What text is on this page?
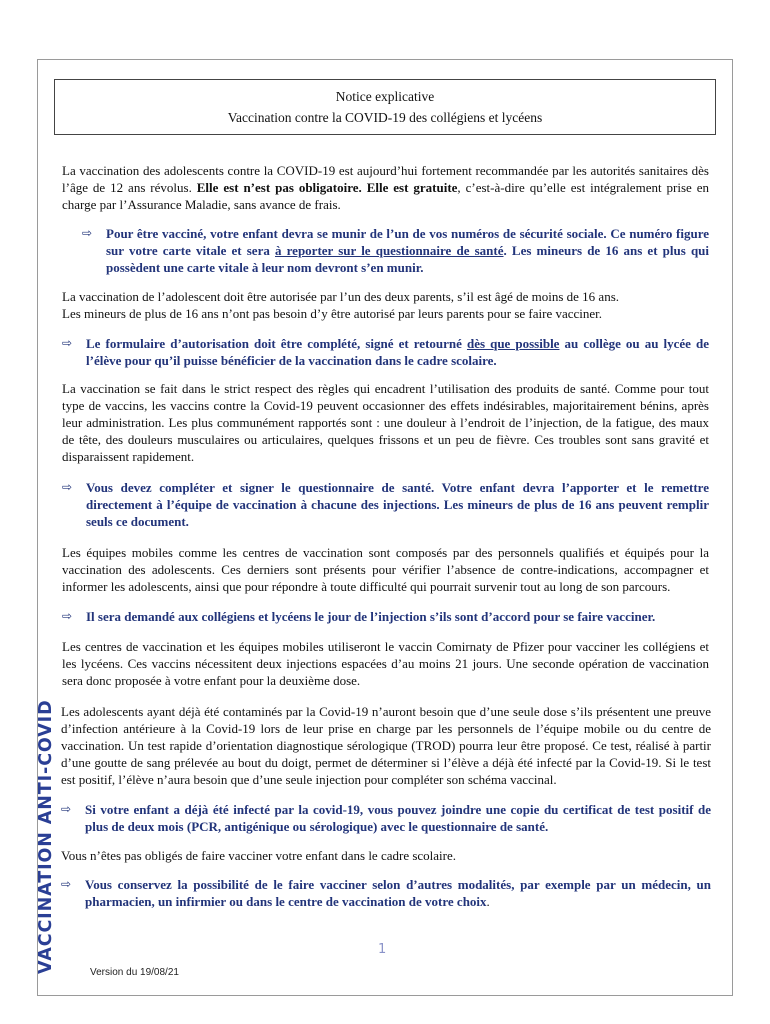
Notice explicative
Vaccination contre la COVID-19 des collégiens et lycéens

La vaccination des adolescents contre la COVID-19 est aujourd’hui fortement recommandée par les autorités sanitaires dès l’âge de 12 ans révolus. Elle est n’est pas obligatoire. Elle est gratuite, c’est-à-dire qu’elle est intégralement prise en charge par l’Assurance Maladie, sans avance de frais.

⇨ Pour être vacciné, votre enfant devra se munir de l’un de vos numéros de sécurité sociale. Ce numéro figure sur votre carte vitale et sera à reporter sur le questionnaire de santé. Les mineurs de 16 ans et plus qui possèdent une carte vitale à leur nom devront s’en munir.

La vaccination de l’adolescent doit être autorisée par l’un des deux parents, s’il est âgé de moins de 16 ans.
Les mineurs de plus de 16 ans n’ont pas besoin d’y être autorisé par leurs parents pour se faire vacciner.

⇨ Le formulaire d’autorisation doit être complété, signé et retourné dès que possible au collège ou au lycée de l’élève pour qu’il puisse bénéficier de la vaccination dans le cadre scolaire.

La vaccination se fait dans le strict respect des règles qui encadrent l’utilisation des produits de santé. Comme pour tout type de vaccins, les vaccins contre la Covid-19 peuvent occasionner des effets indésirables, majoritairement bénins, après leur administration. Les plus communément rapportés sont : une douleur à l’endroit de l’injection, de la fatigue, des maux de tête, des douleurs musculaires ou articulaires, quelques frissons et un peu de fièvre. Ces troubles sont sans gravité et disparaissent rapidement.

⇨ Vous devez compléter et signer le questionnaire de santé. Votre enfant devra l’apporter et le remettre directement à l’équipe de vaccination à chacune des injections. Les mineurs de plus de 16 ans peuvent remplir seuls ce document.

Les équipes mobiles comme les centres de vaccination sont composés par des personnels qualifiés et équipés pour la vaccination des adolescents. Ces derniers sont présents pour vérifier l’absence de contre-indications, accompagner et informer les adolescents, ainsi que pour répondre à toute difficulté qui pourrait survenir tout au long de son parcours.

⇨ Il sera demandé aux collégiens et lycéens le jour de l’injection s’ils sont d’accord pour se faire vacciner.

Les centres de vaccination et les équipes mobiles utiliseront le vaccin Comirnaty de Pfizer pour vacciner les collégiens et les lycéens. Ces vaccins nécessitent deux injections espacées d’au moins 21 jours. Une seconde opération de vaccination sera donc proposée à votre enfant pour la deuxième dose.

Les adolescents ayant déjà été contaminés par la Covid-19 n’auront besoin que d’une seule dose s’ils présentent une preuve d’infection antérieure à la Covid-19 lors de leur prise en charge par les personnels de l’équipe mobile ou du centre de vaccination. Un test rapide d’orientation diagnostique sérologique (TROD) pourra leur être proposé. Ce test, réalisé à partir d’une goutte de sang prélevée au bout du doigt, permet de déterminer si l’élève a déjà été infecté par la Covid-19. Si le test est positif, l’élève n’aura besoin que d’une seule injection pour compléter son schéma vaccinal.

⇨ Si votre enfant a déjà été infecté par la covid-19, vous pouvez joindre une copie du certificat de test positif de plus de deux mois (PCR, antigénique ou sérologique) avec le questionnaire de santé.

Vous n’êtes pas obligés de faire vacciner votre enfant dans le cadre scolaire.

⇨ Vous conservez la possibilité de le faire vacciner selon d’autres modalités, par exemple par un médecin, un pharmacien, un infirmier ou dans le centre de vaccination de votre choix.

VACCINATION ANTI-COVID	1
Version du 19/08/21
